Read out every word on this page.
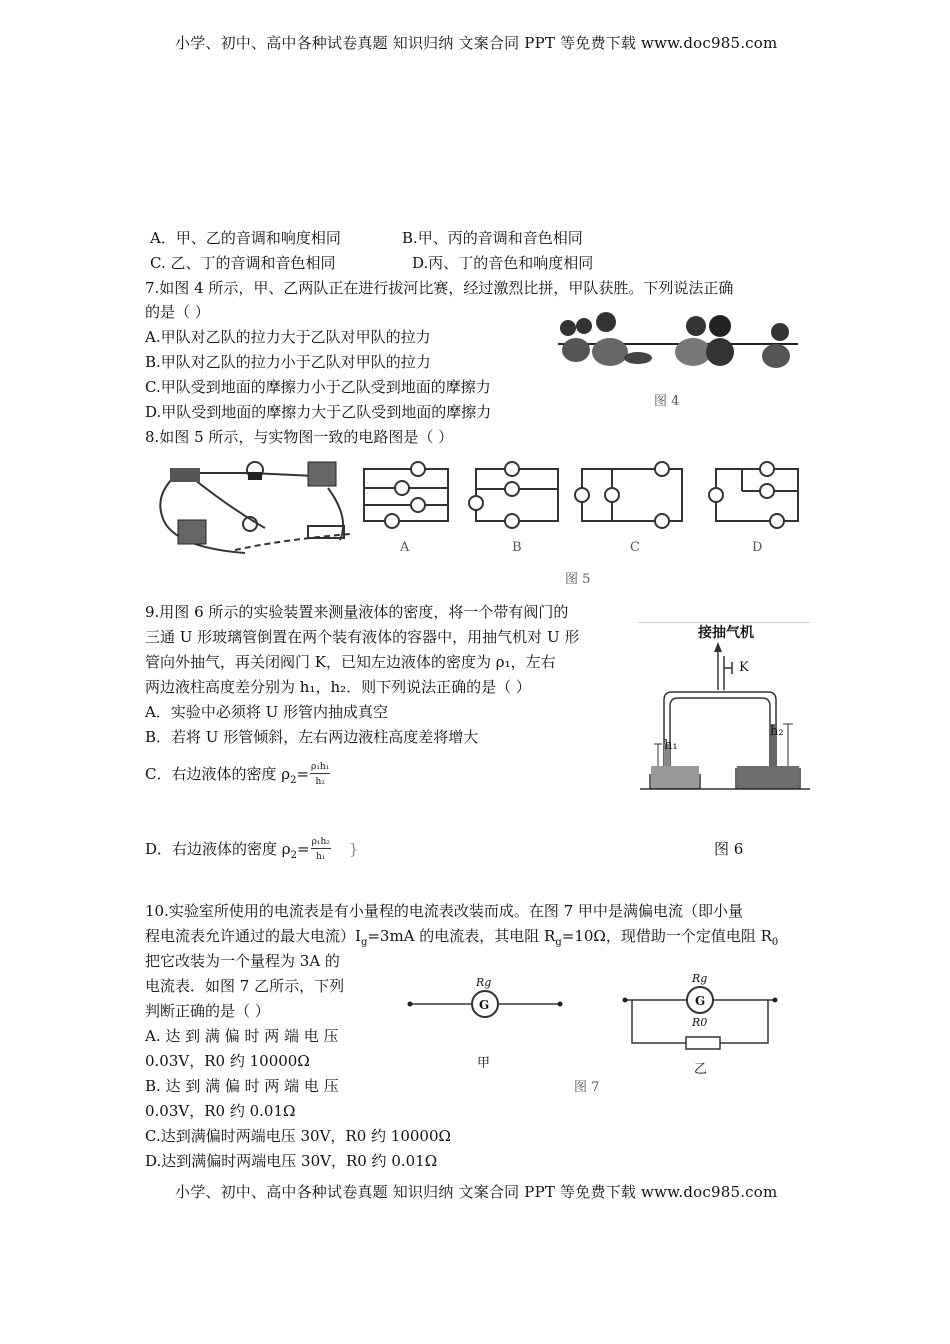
小学、初中、高中各种试卷真题 知识归纳 文案合同 PPT 等免费下载 www.doc985.com
A．甲、乙的音调和响度相同	B.甲、丙的音调和音色相同
C. 乙、丁的音调和音色相同	D.丙、丁的音色和响度相同
7.如图 4 所示，甲、乙两队正在进行拔河比赛，经过激烈比拼，甲队获胜。下列说法正确
的是（ ）
A.甲队对乙队的拉力大于乙队对甲队的拉力
B.甲队对乙队的拉力小于乙队对甲队的拉力
C.甲队受到地面的摩擦力小于乙队受到地面的摩擦力
D.甲队受到地面的摩擦力大于乙队受到地面的摩擦力
图 4
8.如图 5 所示，与实物图一致的电路图是（ ）
A	B	C	D
图 5
9.用图 6 所示的实验装置来测量液体的密度，将一个带有阀门的
三通 U 形玻璃管倒置在两个装有液体的容器中，用抽气机对 U 形
管向外抽气，再关闭阀门 K，已知左边液体的密度为 ρ₁，左右
两边液柱高度差分别为 h₁，h₂．则下列说法正确的是（ ）
A．实验中必须将 U 形管内抽成真空
B．若将 U 形管倾斜，左右两边液柱高度差将增大
C．右边液体的密度 $\rho_2= \frac{\text{ρ₁h₁}}{\text{h₂}}$
D．右边液体的密度 $\rho_2= \frac{\text{ρ₁h₂}}{\text{h₁}}$ }
接抽气机
K
h₁
h₂
图 6
10.实验室所使用的电流表是有小量程的电流表改装而成。在图 7 甲中是满偏电流（即小量
程电流表允许通过的最大电流）$I_g=3mA$ 的电流表，其电阻 $R_g=10\Omega$，现借助一个定值电阻 $R_0$
把它改装为一个量程为 3A 的
电流表．如图 7 乙所示，下列
判断正确的是（ ）
A. 达 到 满 偏 时 两 端 电 压
0.03V，R0 约 10000Ω
B. 达 到 满 偏 时 两 端 电 压
0.03V，R0 约 0.01Ω
C.达到满偏时两端电压 30V，R0 约 10000Ω
D.达到满偏时两端电压 30V，R0 约 0.01Ω
G	G
Rg	Rg
R0
甲	乙
图 7
小学、初中、高中各种试卷真题 知识归纳 文案合同 PPT 等免费下载 www.doc985.com
